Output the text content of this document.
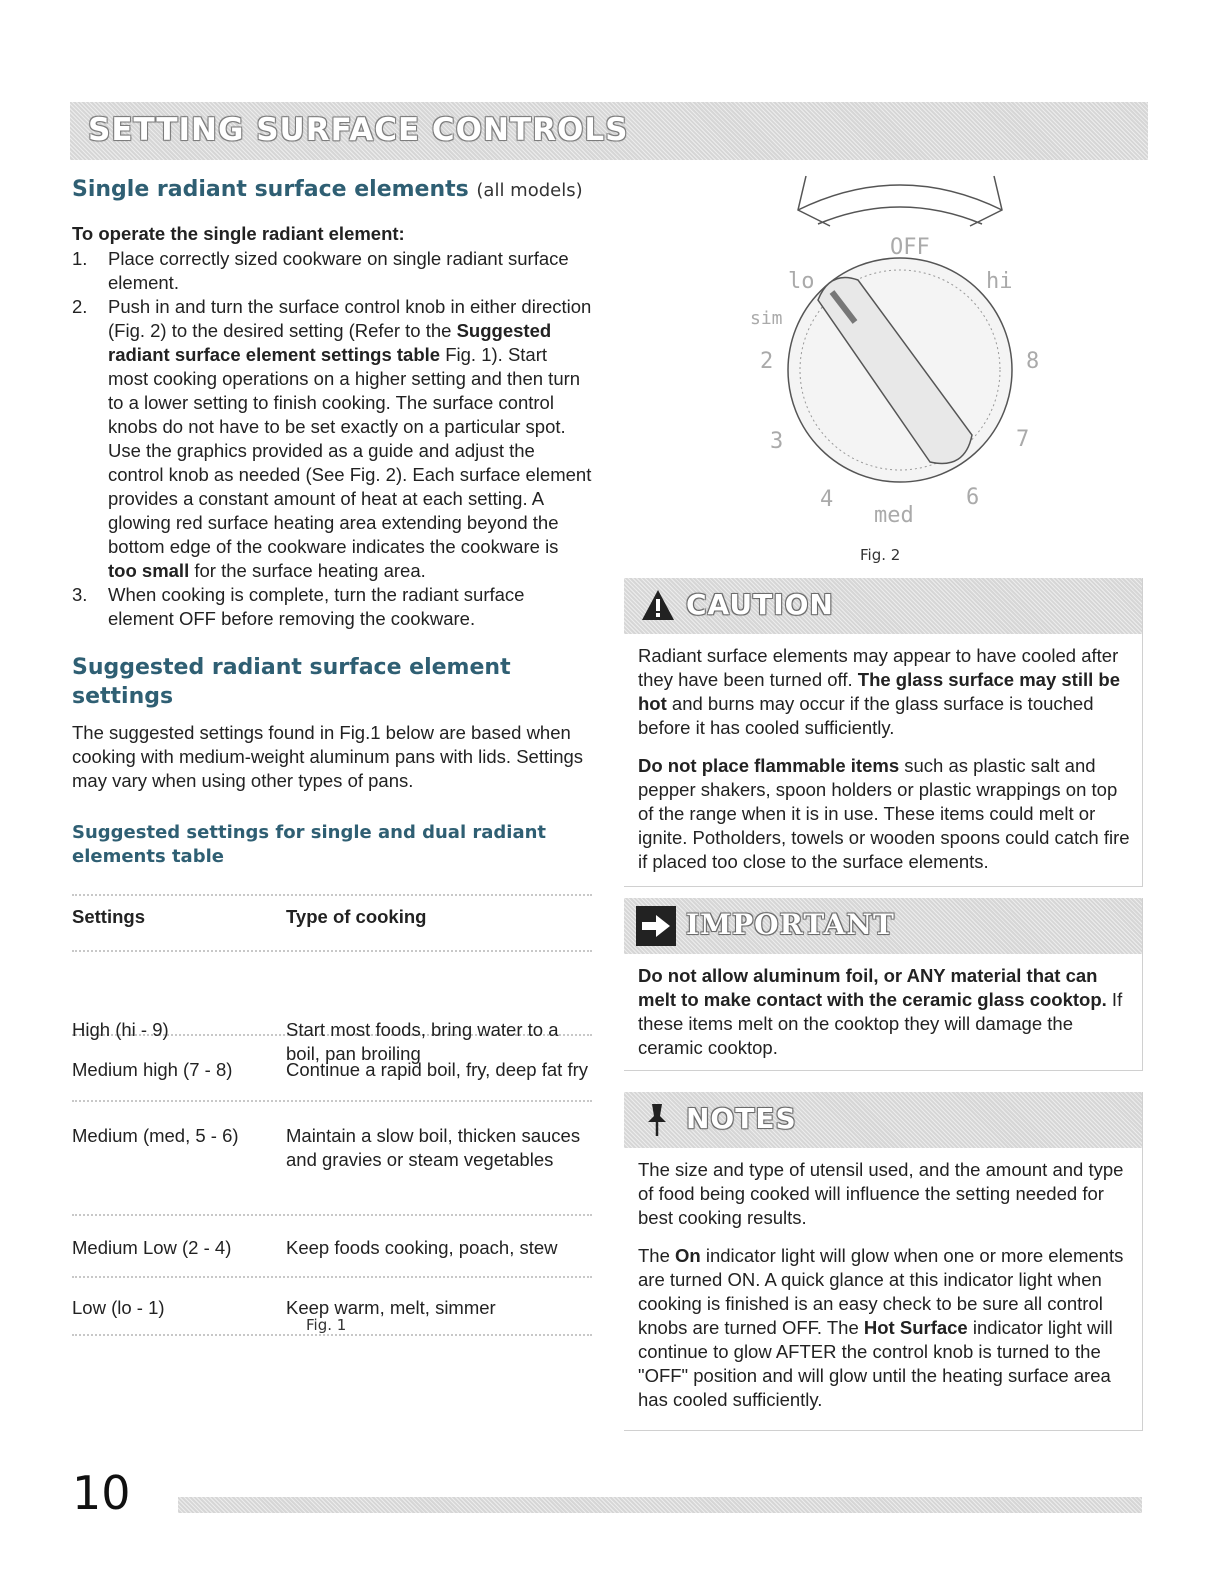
SETTING SURFACE CONTROLS
Single radiant surface elements (all models)
To operate the single radiant element:
1. Place correctly sized cookware on single radiant surface element.
2. Push in and turn the surface control knob in either direction (Fig. 2) to the desired setting (Refer to the Suggested radiant surface element settings table Fig. 1). Start most cooking operations on a higher setting and then turn to a lower setting to finish cooking. The surface control knobs do not have to be set exactly on a particular spot. Use the graphics provided as a guide and adjust the control knob as needed (See Fig. 2). Each surface element provides a constant amount of heat at each setting. A glowing red surface heating area extending beyond the bottom edge of the cookware indicates the cookware is too small for the surface heating area.
3. When cooking is complete, turn the radiant surface element OFF before removing the cookware.
Suggested radiant surface element settings
The suggested settings found in Fig.1 below are based when cooking with medium-weight aluminum pans with lids. Settings may vary when using other types of pans.
Suggested settings for single and dual radiant elements table
Settings	Type of cooking
High (hi - 9)	Start most foods, bring water to a boil, pan broiling
Medium high (7 - 8)	Continue a rapid boil, fry, deep fat fry
Medium (med, 5 - 6)	Maintain a slow boil, thicken sauces and gravies or steam vegetables
Medium Low (2 - 4)	Keep foods cooking, poach, stew
Low (lo - 1)	Keep warm, melt, simmer
Fig. 1
OFF
lo	hi
sim
2
3
4
med
6
7
8
Fig. 2
CAUTION

Radiant surface elements may appear to have cooled after they have been turned off. The glass surface may still be hot and burns may occur if the glass surface is touched before it has cooled sufficiently.

Do not place flammable items such as plastic salt and pepper shakers, spoon holders or plastic wrappings on top of the range when it is in use. These items could melt or ignite. Potholders, towels or wooden spoons could catch fire if placed too close to the surface elements.

IMPORTANT

Do not allow aluminum foil, or ANY material that can melt to make contact with the ceramic glass cooktop. If these items melt on the cooktop they will damage the ceramic cooktop.

NOTES

The size and type of utensil used, and the amount and type of food being cooked will influence the setting needed for best cooking results.

The On indicator light will glow when one or more elements are turned ON. A quick glance at this indicator light when cooking is finished is an easy check to be sure all control knobs are turned OFF. The Hot Surface indicator light will continue to glow AFTER the control knob is turned to the "OFF" position and will glow until the heating surface area has cooled sufficiently.

10
